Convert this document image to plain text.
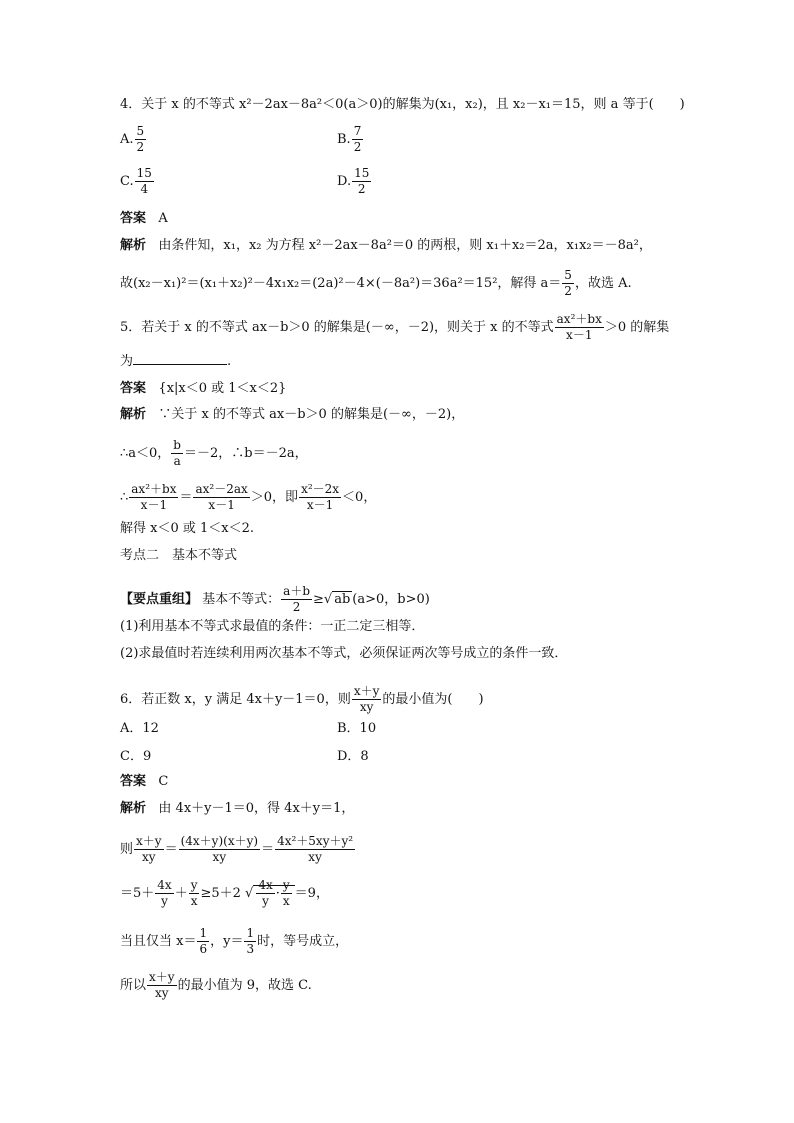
4．关于 x 的不等式 x²－2ax－8a²＜0(a＞0)的解集为(x₁，x₂)，且 x₂－x₁＝15，则 a 等于(　　)
A. $\frac{5}{2}$	B. $\frac{7}{2}$
C. $\frac{15}{4}$	D. $\frac{15}{2}$
答案 A
解析 由条件知，x₁，x₂ 为方程 x²－2ax－8a²＝0 的两根，则 x₁＋x₂＝2a，x₁x₂＝－8a²，
故(x₂－x₁)²＝(x₁＋x₂)²－4x₁x₂＝(2a)²－4×(－8a²)＝36a²＝15²，解得 $a= \frac{5}{2}$ ，故选 A.
5．若关于 x 的不等式 ax－b＞0 的解集是(－∞，－2)，则关于 x 的不等式 $\frac{\text{ax²＋bx}}{x-1} >0$ 的解集
为	.
答案 {x|x＜0 或 1＜x＜2}
解析 ∵关于 x 的不等式 ax－b＞0 的解集是(－∞，－2)，
∴a＜0， $\frac{b}{a} =-2$，∴b＝－2a，
∴ $\frac{\text{ax²＋bx}}{x-1} = \frac{\text{ax²－2ax}}{x-1} >0$，即 $\frac{\text{x²－2x}}{x-1} <0$，
解得 x＜0 或 1＜x＜2.
考点二　基本不等式
【要点重组】 基本不等式： $\frac{a+b}{2}$ ≥√ ab (a>0，b>0)
(1)利用基本不等式求最值的条件：一正二定三相等．
(2)求最值时若连续利用两次基本不等式，必须保证两次等号成立的条件一致．
6．若正数 x，y 满足 4x＋y－1＝0，则 $\frac{x+y}{xy}$ 的最小值为(　　)
A．12	B．10
C．9	D．8
答案 C
解析 由 4x＋y－1＝0，得 4x＋y＝1，
则 $\frac{x+y}{xy} = \frac{(4x+y)(x+y)}{xy} = \frac{\text{4x²＋5xy＋y²}}{xy}$
$=5+ \frac{4x}{y} + \frac{y}{x} \ge 5+2$ √ $\frac{4x}{y} \cdot \frac{y}{x} =9$，
当且仅当 $x= \frac{1}{6}$ ，$y= \frac{1}{3}$ 时，等号成立，
所以 $\frac{x+y}{xy}$ 的最小值为 9，故选 C.
